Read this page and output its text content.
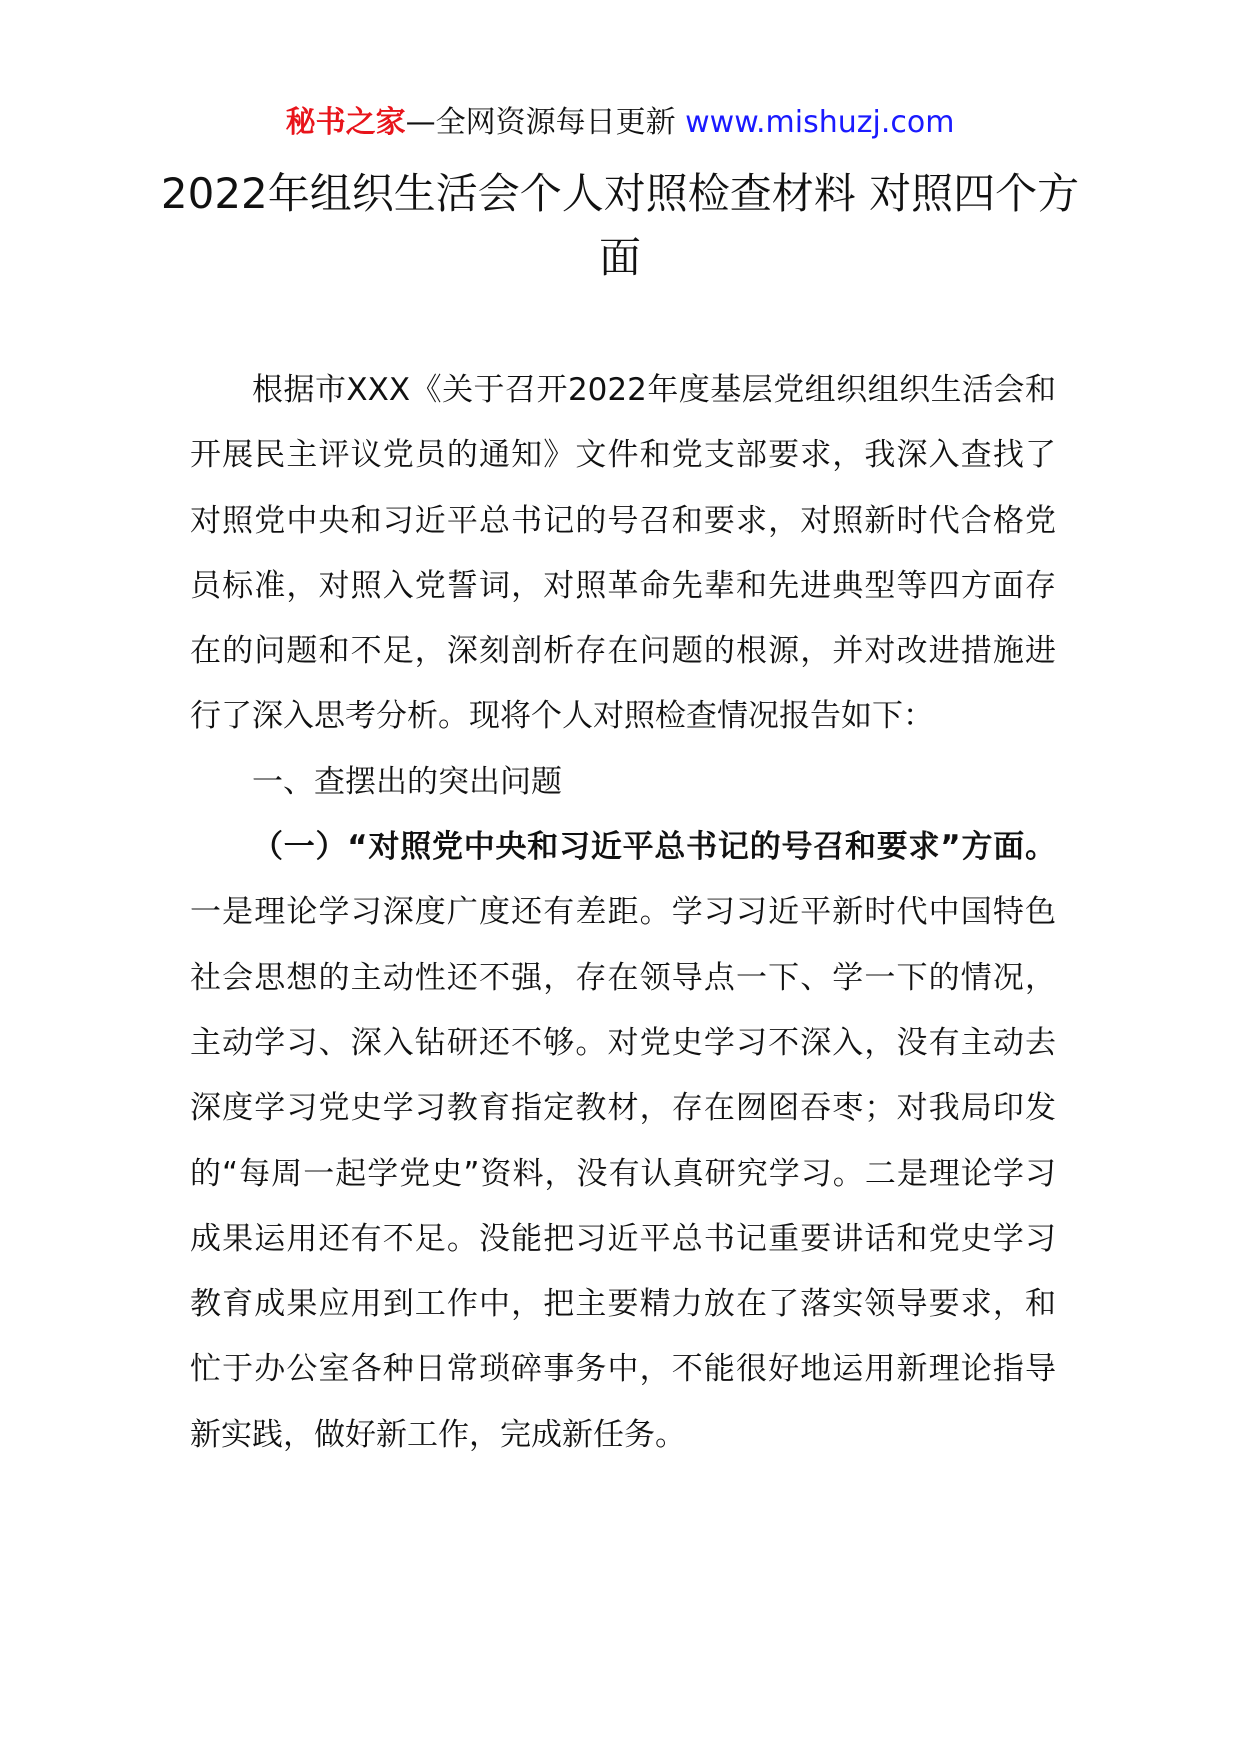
秘书之家—全网资源每日更新 www.mishuzj.com
2022年组织生活会个人对照检查材料 对照四个方面

根据市XXX《关于召开2022年度基层党组织组织生活会和开展民主评议党员的通知》文件和党支部要求，我深入查找了对照党中央和习近平总书记的号召和要求，对照新时代合格党员标准，对照入党誓词，对照革命先辈和先进典型等四方面存在的问题和不足，深刻剖析存在问题的根源，并对改进措施进行了深入思考分析。现将个人对照检查情况报告如下：

一、查摆出的突出问题

（一）“对照党中央和习近平总书记的号召和要求”方面。一是理论学习深度广度还有差距。学习习近平新时代中国特色社会思想的主动性还不强，存在领导点一下、学一下的情况，主动学习、深入钻研还不够。对党史学习不深入，没有主动去深度学习党史学习教育指定教材，存在囫囵吞枣；对我局印发的“每周一起学党史”资料，没有认真研究学习。二是理论学习成果运用还有不足。没能把习近平总书记重要讲话和党史学习教育成果应用到工作中，把主要精力放在了落实领导要求，和忙于办公室各种日常琐碎事务中，不能很好地运用新理论指导新实践，做好新工作，完成新任务。
